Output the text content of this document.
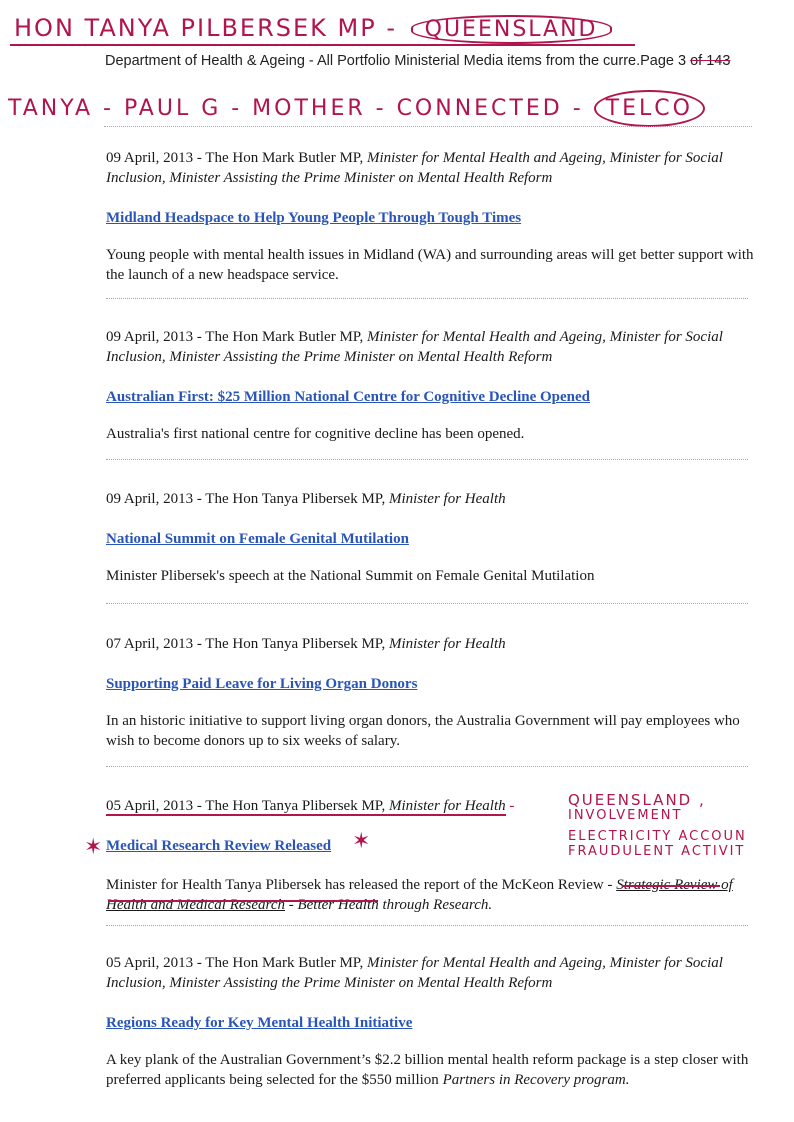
HON TANYA PILBERSEK MP - QUEENSLAND
Department of Health & Ageing - All Portfolio Ministerial Media items from the curre.Page 3 of 143
TANYA - PAUL G - MOTHER - CONNECTED - TELCO

09 April, 2013 - The Hon Mark Butler MP, Minister for Mental Health and Ageing, Minister for Social Inclusion, Minister Assisting the Prime Minister on Mental Health Reform

Midland Headspace to Help Young People Through Tough Times
Young people with mental health issues in Midland (WA) and surrounding areas will get better support with the launch of a new headspace service.

09 April, 2013 - The Hon Mark Butler MP, Minister for Mental Health and Ageing, Minister for Social Inclusion, Minister Assisting the Prime Minister on Mental Health Reform

Australian First: $25 Million National Centre for Cognitive Decline Opened
Australia's first national centre for cognitive decline has been opened.

09 April, 2013 - The Hon Tanya Plibersek MP, Minister for Health

National Summit on Female Genital Mutilation
Minister Plibersek's speech at the National Summit on Female Genital Mutilation

07 April, 2013 - The Hon Tanya Plibersek MP, Minister for Health

Supporting Paid Leave for Living Organ Donors
In an historic initiative to support living organ donors, the Australia Government will pay employees who wish to become donors up to six weeks of salary.

05 April, 2013 - The Hon Tanya Plibersek MP, Minister for Health -

Medical Research Review Released
Minister for Health Tanya Plibersek has released the report of the McKeon Review - Strategic Review of Health and Medical Research - Better Health through Research.
✶	✶
QUEENSLAND ,
INVOLVEMENT
ELECTRICITY ACCOUN
FRAUDULENT ACTIVIT

05 April, 2013 - The Hon Mark Butler MP, Minister for Mental Health and Ageing, Minister for Social Inclusion, Minister Assisting the Prime Minister on Mental Health Reform

Regions Ready for Key Mental Health Initiative
A key plank of the Australian Government’s $2.2 billion mental health reform package is a step closer with preferred applicants being selected for the $550 million Partners in Recovery program.
